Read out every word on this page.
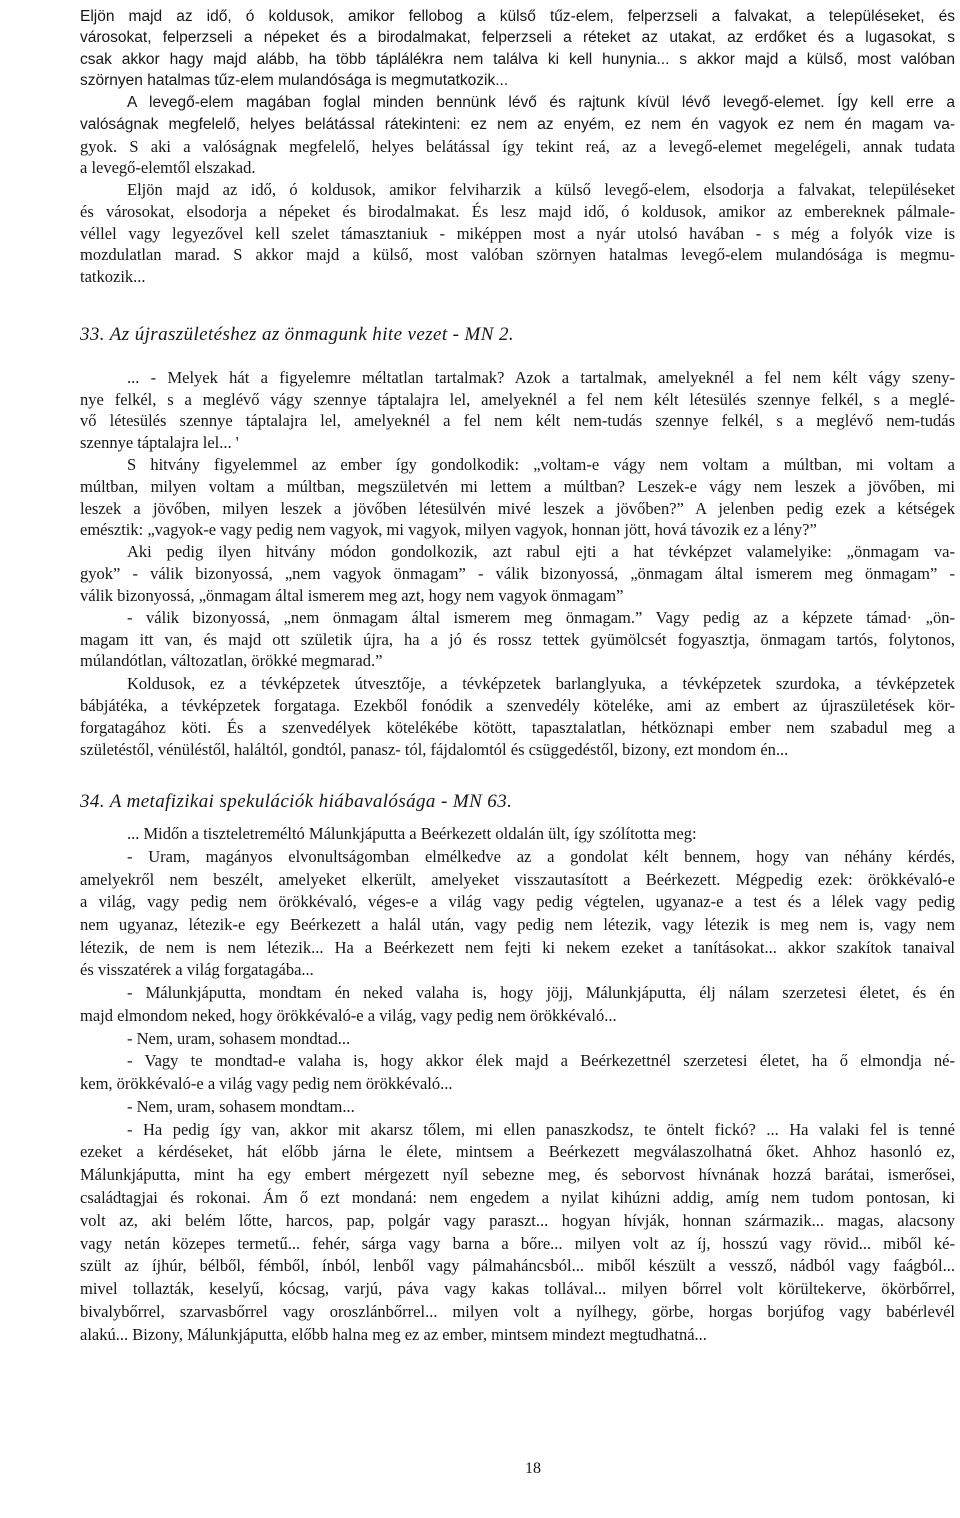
Eljön majd az idő, ó koldusok, amikor fellobog a külső tűz-elem, felperzseli a falvakat, a településeket, és
városokat, felperzseli a népeket és a birodalmakat, felperzseli a réteket az utakat, az erdőket és a lugasokat, s
csak akkor hagy majd alább, ha több táplálékra nem találva ki kell hunynia... s akkor majd a külső, most valóban
szörnyen hatalmas tűz-elem mulandósága is megmutatkozik...
A levegő-elem magában foglal minden bennünk lévő és rajtunk kívül lévő levegő-elemet. Így kell erre a
valóságnak megfelelő, helyes belátással rátekinteni: ez nem az enyém, ez nem én vagyok ez nem én magam va-
gyok. S aki a valóságnak megfelelő, helyes belátással így tekint reá, az a levegő-elemet megelégeli, annak tudata
a levegő-elemtől elszakad.
Eljön majd az idő, ó koldusok, amikor felviharzik a külső levegő-elem, elsodorja a falvakat, településeket
és városokat, elsodorja a népeket és birodalmakat. És lesz majd idő, ó koldusok, amikor az embereknek pálmale-
véllel vagy legyezővel kell szelet támasztaniuk - miképpen most a nyár utolsó havában - s még a folyók vize is
mozdulatlan marad. S akkor majd a külső, most valóban szörnyen hatalmas levegő-elem mulandósága is megmu-
tatkozik...
33. Az újraszületéshez az önmagunk hite vezet - MN 2.
... - Melyek hát a figyelemre méltatlan tartalmak? Azok a tartalmak, amelyeknél a fel nem kélt vágy szeny-
nye felkél, s a meglévő vágy szennye táptalajra lel, amelyeknél a fel nem kélt létesülés szennye felkél, s a meglé-
vő létesülés szennye táptalajra lel, amelyeknél a fel nem kélt nem-tudás szennye felkél, s a meglévő nem-tudás
szennye táptalajra lel... '
S hitvány figyelemmel az ember így gondolkodik: „voltam-e vágy nem voltam a múltban, mi voltam a
múltban, milyen voltam a múltban, megszületvén mi lettem a múltban? Leszek-e vágy nem leszek a jövőben, mi
leszek a jövőben, milyen leszek a jövőben létesülvén mivé leszek a jövőben?” A jelenben pedig ezek a kétségek
emésztik: „vagyok-e vagy pedig nem vagyok, mi vagyok, milyen vagyok, honnan jött, hová távozik ez a lény?”
Aki pedig ilyen hitvány módon gondolkozik, azt rabul ejti a hat tévképzet valamelyike: „önmagam va-
gyok” - válik bizonyossá, „nem vagyok önmagam” - válik bizonyossá, „önmagam által ismerem meg önmagam” -
válik bizonyossá, „önmagam által ismerem meg azt, hogy nem vagyok önmagam”
- válik bizonyossá, „nem önmagam által ismerem meg önmagam.” Vagy pedig az a képzete támad· „ön-
magam itt van, és majd ott születik újra, ha a jó és rossz tettek gyümölcsét fogyasztja, önmagam tartós, folytonos,
múlandótlan, változatlan, örökké megmarad.”
Koldusok, ez a tévképzetek útvesztője, a tévképzetek barlanglyuka, a tévképzetek szurdoka, a tévképzetek
bábjátéka, a tévképzetek forgataga. Ezekből fonódik a szenvedély köteléke, ami az embert az újraszületések kör-
forgatagához köti. És a szenvedélyek kötelékébe kötött, tapasztalatlan, hétköznapi ember nem szabadul meg a
születéstől, vénüléstől, haláltól, gondtól, panasz- tól, fájdalomtól és csüggedéstől, bizony, ezt mondom én...
34. A metafizikai spekulációk hiábavalósága - MN 63.
... Midőn a tiszteletreméltó Málunkjáputta a Beérkezett oldalán ült, így szólította meg:
- Uram, magányos elvonultságomban elmélkedve az a gondolat kélt bennem, hogy van néhány kérdés,
amelyekről nem beszélt, amelyeket elkerült, amelyeket visszautasított a Beérkezett. Mégpedig ezek: örökkévaló-e
a világ, vagy pedig nem örökkévaló, véges-e a világ vagy pedig végtelen, ugyanaz-e a test és a lélek vagy pedig
nem ugyanaz, létezik-e egy Beérkezett a halál után, vagy pedig nem létezik, vagy létezik is meg nem is, vagy nem
létezik, de nem is nem létezik... Ha a Beérkezett nem fejti ki nekem ezeket a tanításokat... akkor szakítok tanaival
és visszatérek a világ forgatagába...
- Málunkjáputta, mondtam én neked valaha is, hogy jöjj, Málunkjáputta, élj nálam szerzetesi életet, és én
majd elmondom neked, hogy örökkévaló-e a világ, vagy pedig nem örökkévaló...
- Nem, uram, sohasem mondtad...
- Vagy te mondtad-e valaha is, hogy akkor élek majd a Beérkezettnél szerzetesi életet, ha ő elmondja né-
kem, örökkévaló-e a világ vagy pedig nem örökkévaló...
- Nem, uram, sohasem mondtam...
- Ha pedig így van, akkor mit akarsz tőlem, mi ellen panaszkodsz, te öntelt fickó? ... Ha valaki fel is tenné
ezeket a kérdéseket, hát előbb járna le élete, mintsem a Beérkezett megválaszolhatná őket. Ahhoz hasonló ez,
Málunkjáputta, mint ha egy embert mérgezett nyíl sebezne meg, és seborvost hívnának hozzá barátai, ismerősei,
családtagjai és rokonai. Ám ő ezt mondaná: nem engedem a nyilat kihúzni addig, amíg nem tudom pontosan, ki
volt az, aki belém lőtte, harcos, pap, polgár vagy paraszt... hogyan hívják, honnan származik... magas, alacsony
vagy netán közepes termetű... fehér, sárga vagy barna a bőre... milyen volt az íj, hosszú vagy rövid... miből ké-
szült az íjhúr, bélből, fémből, ínból, lenből vagy pálmaháncsból... miből készült a vessző, nádból vagy faágból...
mivel tollazták, keselyű, kócsag, varjú, páva vagy kakas tollával... milyen bőrrel volt körültekerve, ökörbőrrel,
bivalybőrrel, szarvasbőrrel vagy oroszlánbőrrel... milyen volt a nyílhegy, görbe, horgas borjúfog vagy babérlevél
alakú... Bizony, Málunkjáputta, előbb halna meg ez az ember, mintsem mindezt megtudhatná...
18
